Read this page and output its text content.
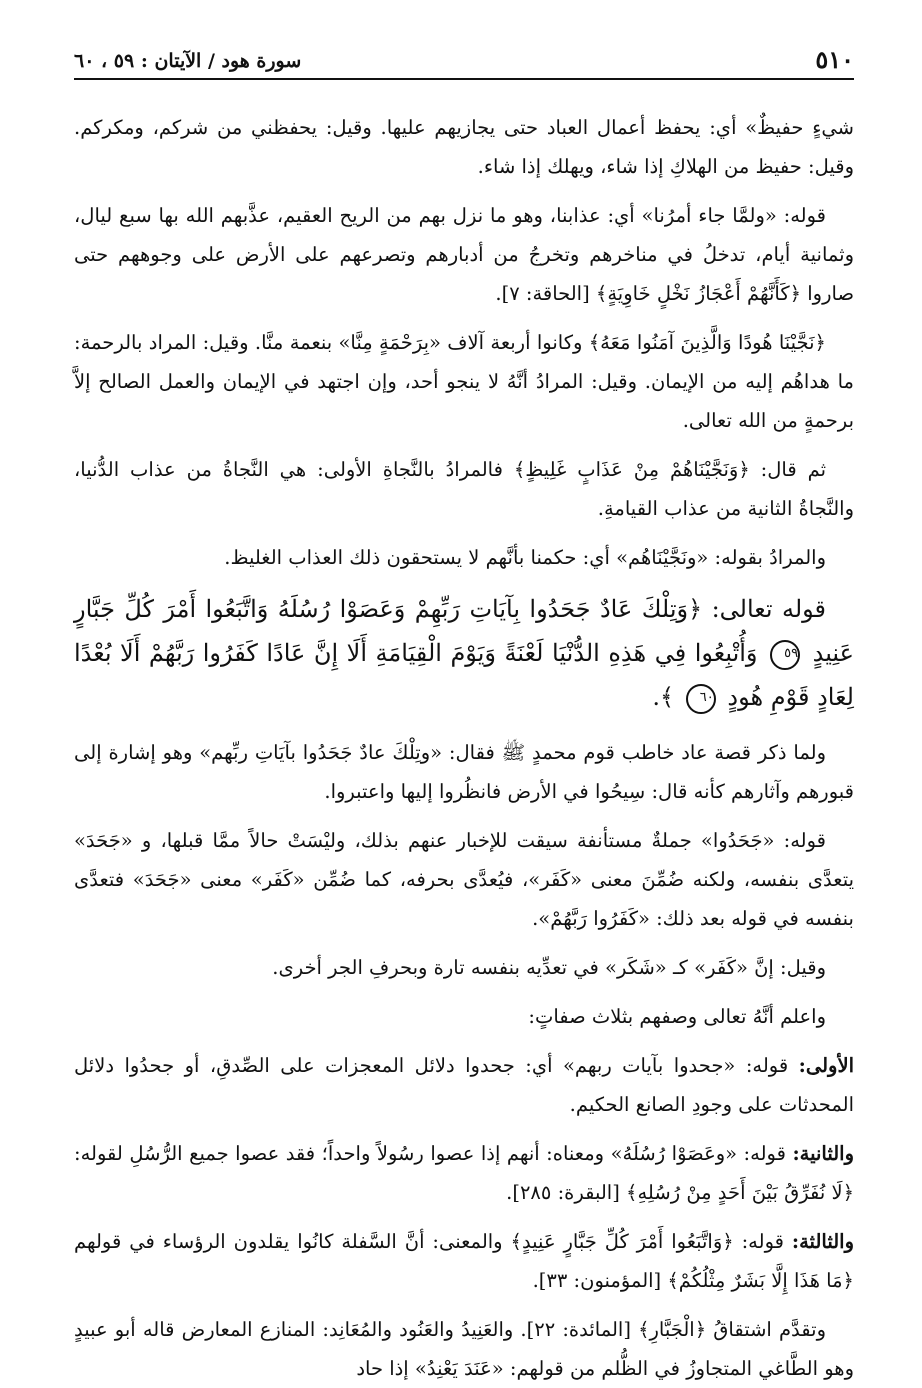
٥١٠
سورة هود / الآيتان : ٥٩ ، ٦٠

شيءٍ حفيظٌ» أي: يحفظ أعمال العباد حتى يجازيهم عليها. وقيل: يحفظني من شركم، ومكركم. وقيل: حفيظ من الهلاكِ إذا شاء، ويهلك إذا شاء.

قوله: «ولمَّا جاء أمرُنا» أي: عذابنا، وهو ما نزل بهم من الريح العقيم، عذَّبهم الله بها سبع ليال، وثمانية أيام، تدخلُ في مناخرهم وتخرجُ من أدبارهم وتصرعهم على الأرض على وجوههم حتى صاروا ﴿كَأَنَّهُمْ أَعْجَازُ نَخْلٍ خَاوِيَةٍ﴾ [الحاقة: ٧].

﴿نَجَّيْنَا هُودًا وَالَّذِينَ آمَنُوا مَعَهُ﴾ وكانوا أربعة آلاف «بِرَحْمَةٍ مِنَّا» بنعمة منَّا. وقيل: المراد بالرحمة: ما هداهُم إليه من الإيمان. وقيل: المرادُ أنَّهُ لا ينجو أحد، وإن اجتهد في الإيمان والعمل الصالح إلاَّ برحمةٍ من الله تعالى.

ثم قال: ﴿وَنَجَّيْنَاهُمْ مِنْ عَذَابٍ غَلِيظٍ﴾ فالمرادُ بالنَّجاةِ الأولى: هي النَّجاةُ من عذاب الدُّنيا، والنَّجاةُ الثانية من عذاب القيامةِ.

والمرادُ بقوله: «ونَجَّيْنَاهُم» أي: حكمنا بأنَّهم لا يستحقون ذلك العذاب الغليظ.

قوله تعالى: ﴿وَتِلْكَ عَادٌ جَحَدُوا بِآيَاتِ رَبِّهِمْ وَعَصَوْا رُسُلَهُ وَاتَّبَعُوا أَمْرَ كُلِّ جَبَّارٍ عَنِيدٍ ٥٩ وَأُتْبِعُوا فِي هَذِهِ الدُّنْيَا لَعْنَةً وَيَوْمَ الْقِيَامَةِ أَلَا إِنَّ عَادًا كَفَرُوا رَبَّهُمْ أَلَا بُعْدًا لِعَادٍ قَوْمِ هُودٍ ٦٠ ﴾.

ولما ذكر قصة عاد خاطب قوم محمدٍ ﷺ فقال: «وتِلْكَ عادٌ جَحَدُوا بآيَاتِ ربِّهم» وهو إشارة إلى قبورهم وآثارهم كأنه قال: سِيحُوا في الأرض فانظُروا إليها واعتبروا.

قوله: «جَحَدُوا» جملةٌ مستأنفة سيقت للإخبار عنهم بذلك، وليْسَتْ حالاً ممَّا قبلها، و «جَحَدَ» يتعدَّى بنفسه، ولكنه ضُمِّنَ معنى «كَفَر»، فيُعدَّى بحرفه، كما ضُمِّن «كَفَر» معنى «جَحَدَ» فتعدَّى بنفسه في قوله بعد ذلك: «كَفَرُوا رَبَّهُمْ».

وقيل: إنَّ «كَفَر» كـ «شَكَر» في تعدِّيه بنفسه تارة وبحرفِ الجر أخرى.

واعلم أنَّهُ تعالى وصفهم بثلاث صفاتٍ:

الأولى: قوله: «جحدوا بآيات ربهم» أي: جحدوا دلائل المعجزات على الصِّدقِ، أو جحدُوا دلائل المحدثات على وجودِ الصانع الحكيم.

والثانية: قوله: «وعَصَوْا رُسُلَهُ» ومعناه: أنهم إذا عصوا رسُولاً واحداً؛ فقد عصوا جميع الرُّسُلِ لقوله: ﴿لَا نُفَرِّقُ بَيْنَ أَحَدٍ مِنْ رُسُلِهِ﴾ [البقرة: ٢٨٥].

والثالثة: قوله: ﴿وَاتَّبَعُوا أَمْرَ كُلِّ جَبَّارٍ عَنِيدٍ﴾ والمعنى: أنَّ السَّفلة كانُوا يقلدون الرؤساء في قولهم ﴿مَا هَذَا إِلَّا بَشَرٌ مِثْلُكُمْ﴾ [المؤمنون: ٣٣].

وتقدَّم اشتقاقُ ﴿الْجَبَّارِ﴾ [المائدة: ٢٢]. والعَنِيدُ والعَنُود والمُعَانِد: المنازع المعارض قاله أبو عبيدٍ وهو الطَّاغي المتجاوزُ في الظُّلم من قولهم: «عَنَدَ يَعْنِدُ» إذا حاد
